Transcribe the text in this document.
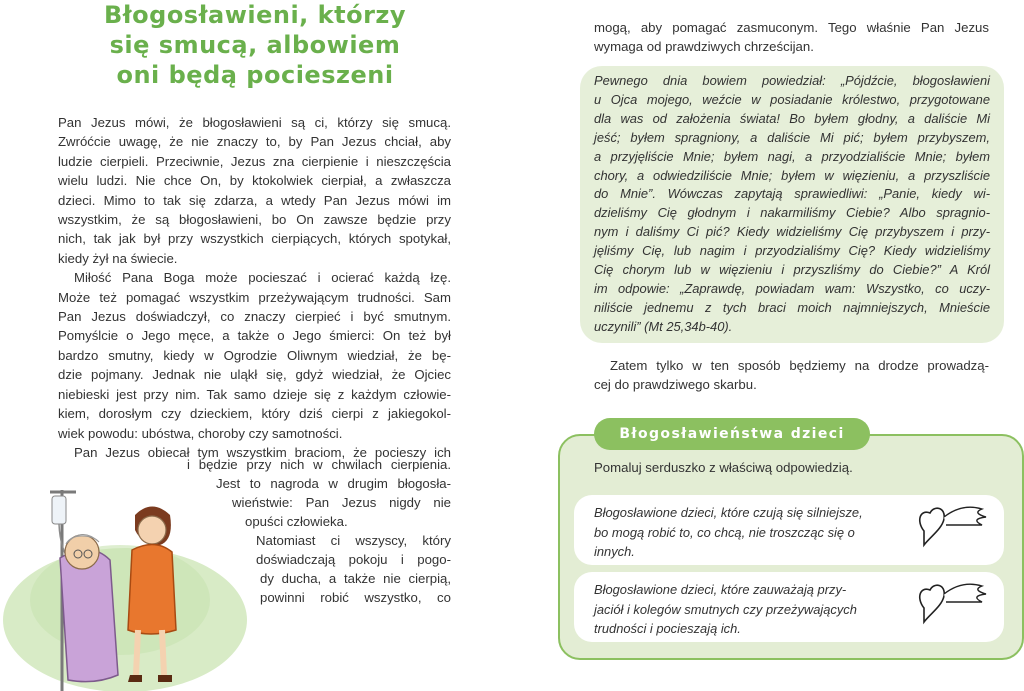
Błogosławieni, którzy
się smucą, albowiem
oni będą pocieszeni
Pan Jezus mówi, że błogosławieni są ci, którzy się smucą.
Zwróćcie uwagę, że nie znaczy to, by Pan Jezus chciał, aby
ludzie cierpieli. Przeciwnie, Jezus zna cierpienie i nieszczęścia
wielu ludzi. Nie chce On, by ktokolwiek cierpiał, a zwłaszcza
dzieci. Mimo to tak się zdarza, a wtedy Pan Jezus mówi im
wszystkim, że są błogosławieni, bo On zawsze będzie przy
nich, tak jak był przy wszystkich cierpiących, których spotykał,
kiedy żył na świecie.
Miłość Pana Boga może pocieszać i ocierać każdą łzę.
Może też pomagać wszystkim przeżywającym trudności. Sam
Pan Jezus doświadczył, co znaczy cierpieć i być smutnym.
Pomyślcie o Jego męce, a także o Jego śmierci: On też był
bardzo smutny, kiedy w Ogrodzie Oliwnym wiedział, że bę-
dzie pojmany. Jednak nie uląkł się, gdyż wiedział, że Ojciec
niebieski jest przy nim. Tak samo dzieje się z każdym człowie-
kiem, dorosłym czy dzieckiem, który dziś cierpi z jakiegokol-
wiek powodu: ubóstwa, choroby czy samotności.
Pan Jezus obiecał tym wszystkim braciom, że pocieszy ich
i będzie przy nich w chwilach cierpienia.
Jest to nagroda w drugim błogosła-
wieństwie: Pan Jezus nigdy nie
opuści człowieka.
Natomiast ci wszyscy, który
doświadczają pokoju i pogo-
dy ducha, a także nie cierpią,
powinni robić wszystko, co
mogą, aby pomagać zasmuconym. Tego właśnie Pan Jezus
wymaga od prawdziwych chrześcijan.
Pewnego dnia bowiem powiedział: „Pójdźcie, błogosławieni
u Ojca mojego, weźcie w posiadanie królestwo, przygotowane
dla was od założenia świata! Bo byłem głodny, a daliście Mi
jeść; byłem spragniony, a daliście Mi pić; byłem przybyszem,
a przyjęliście Mnie; byłem nagi, a przyodzialiście Mnie; byłem
chory, a odwiedziliście Mnie; byłem w więzieniu, a przyszliście
do Mnie”. Wówczas zapytają sprawiedliwi: „Panie, kiedy wi-
dzieliśmy Cię głodnym i nakarmiliśmy Ciebie? Albo spragnio-
nym i daliśmy Ci pić? Kiedy widzieliśmy Cię przybyszem i przy-
jęliśmy Cię, lub nagim i przyodzialiśmy Cię? Kiedy widzieliśmy
Cię chorym lub w więzieniu i przyszliśmy do Ciebie?” A Król
im odpowie: „Zaprawdę, powiadam wam: Wszystko, co uczy-
niliście jednemu z tych braci moich najmniejszych, Mnieście
uczynili” (Mt 25,34b-40).
Zatem tylko w ten sposób będziemy na drodze prowadzą-
cej do prawdziwego skarbu.
Błogosławieństwa dzieci
Pomaluj serduszko z właściwą odpowiedzią.
Błogosławione dzieci, które czują się silniejsze,
bo mogą robić to, co chcą, nie troszcząc się o
innych.
Błogosławione dzieci, które zauważają przy-
jaciół i kolegów smutnych czy przeżywających
trudności i pocieszają ich.
